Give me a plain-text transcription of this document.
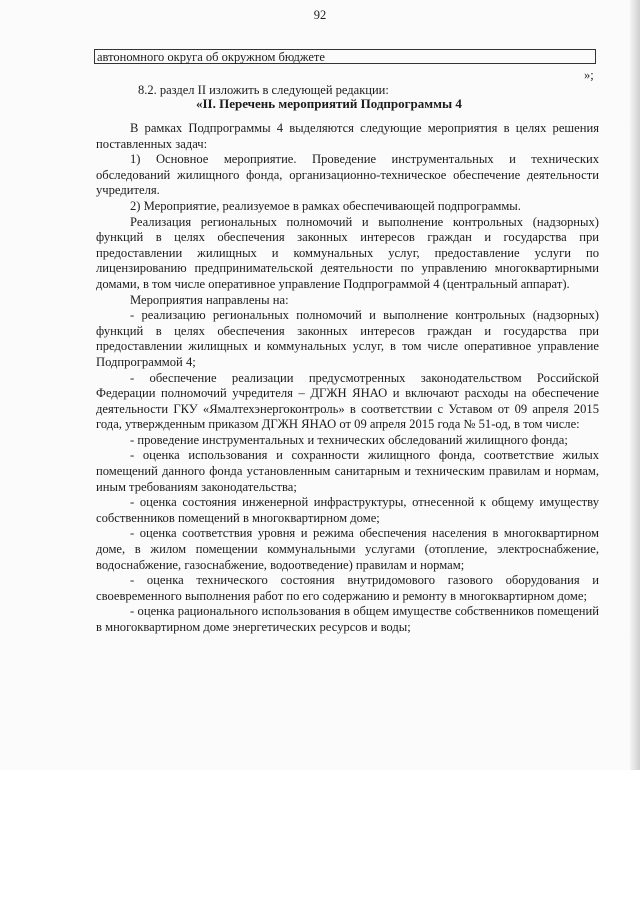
92
автономного округа об окружном бюджете
»;
8.2. раздел II изложить в следующей редакции:
«II. Перечень мероприятий Подпрограммы 4

В рамках Подпрограммы 4 выделяются следующие мероприятия в целях решения поставленных задач:

1) Основное мероприятие. Проведение инструментальных и технических обследований жилищного фонда, организационно-техническое обеспечение деятельности учредителя.

2) Мероприятие, реализуемое в рамках обеспечивающей подпрограммы.

Реализация региональных полномочий и выполнение контрольных (надзорных) функций в целях обеспечения законных интересов граждан и государства при предоставлении жилищных и коммунальных услуг, предоставление услуги по лицензированию предпринимательской деятельности по управлению многоквартирными домами, в том числе оперативное управление Подпрограммой 4 (центральный аппарат).

Мероприятия направлены на:

- реализацию региональных полномочий и выполнение контрольных (надзорных) функций в целях обеспечения законных интересов граждан и государства при предоставлении жилищных и коммунальных услуг, в том числе оперативное управление Подпрограммой 4;

- обеспечение реализации предусмотренных законодательством Российской Федерации полномочий учредителя – ДГЖН ЯНАО и включают расходы на обеспечение деятельности ГКУ «Ямалтехэнергоконтроль» в соответствии с Уставом от 09 апреля 2015 года, утвержденным приказом ДГЖН ЯНАО от 09 апреля 2015 года № 51-од, в том числе:

- проведение инструментальных и технических обследований жилищного фонда;

- оценка использования и сохранности жилищного фонда, соответствие жилых помещений данного фонда установленным санитарным и техническим правилам и нормам, иным требованиям законодательства;

- оценка состояния инженерной инфраструктуры, отнесенной к общему имуществу собственников помещений в многоквартирном доме;

- оценка соответствия уровня и режима обеспечения населения в многоквартирном доме, в жилом помещении коммунальными услугами (отопление, электроснабжение, водоснабжение, газоснабжение, водоотведение) правилам и нормам;

- оценка технического состояния внутридомового газового оборудования и своевременного выполнения работ по его содержанию и ремонту в многоквартирном доме;

- оценка рационального использования в общем имуществе собственников помещений в многоквартирном доме энергетических ресурсов и воды;
